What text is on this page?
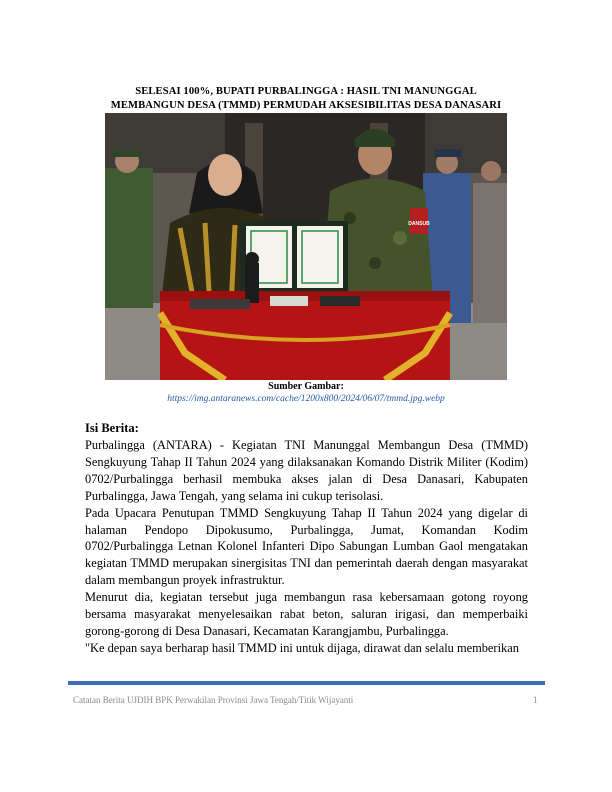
SELESAI 100%, BUPATI PURBALINGGA : HASIL TNI MANUNGGAL
MEMBANGUN DESA (TMMD) PERMUDAH AKSESIBILITAS DESA DANASARI
DANSUB
Sumber Gambar:
https://img.antaranews.com/cache/1200x800/2024/06/07/tmmd.jpg.webp
Isi Berita:

Purbalingga (ANTARA) - Kegiatan TNI Manunggal Membangun Desa (TMMD) Sengkuyung Tahap II Tahun 2024 yang dilaksanakan Komando Distrik Militer (Kodim) 0702/Purbalingga berhasil membuka akses jalan di Desa Danasari, Kabupaten Purbalingga, Jawa Tengah, yang selama ini cukup terisolasi.

Pada Upacara Penutupan TMMD Sengkuyung Tahap II Tahun 2024 yang digelar di halaman Pendopo Dipokusumo, Purbalingga, Jumat, Komandan Kodim 0702/Purbalingga Letnan Kolonel Infanteri Dipo Sabungan Lumban Gaol mengatakan kegiatan TMMD merupakan sinergisitas TNI dan pemerintah daerah dengan masyarakat dalam membangun proyek infrastruktur.

Menurut dia, kegiatan tersebut juga membangun rasa kebersamaan gotong royong bersama masyarakat menyelesaikan rabat beton, saluran irigasi, dan memperbaiki gorong-gorong di Desa Danasari, Kecamatan Karangjambu, Purbalingga.

"Ke depan saya berharap hasil TMMD ini untuk dijaga, dirawat dan selalu memberikan

Catatan Berita UJDIH BPK Perwakilan Provinsi Jawa Tengah/Titik Wijayanti	1
